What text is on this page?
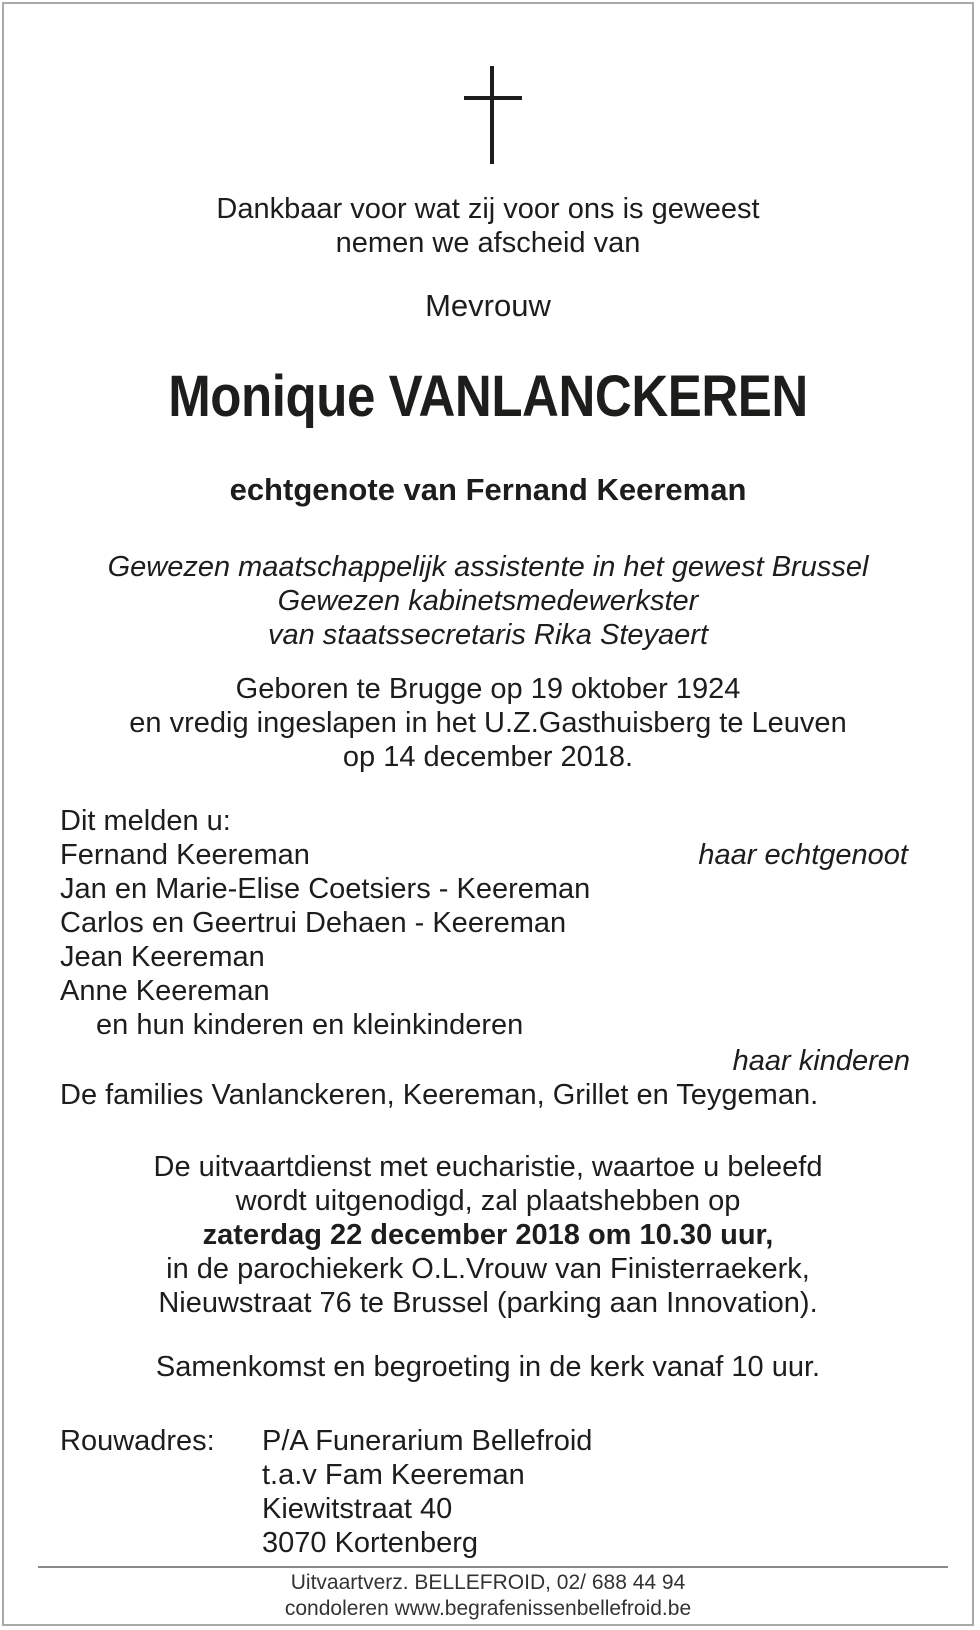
Dankbaar voor wat zij voor ons is geweest
nemen we afscheid van
Mevrouw
Monique VANLANCKEREN
echtgenote van Fernand Keereman
Gewezen maatschappelijk assistente in het gewest Brussel
Gewezen kabinetsmedewerkster
van staatssecretaris Rika Steyaert
Geboren te Brugge op 19 oktober 1924
en vredig ingeslapen in het U.Z.Gasthuisberg te Leuven
op 14 december 2018.
Dit melden u:
Fernand Keereman	haar echtgenoot
Jan en Marie-Elise Coetsiers - Keereman
Carlos en Geertrui Dehaen - Keereman
Jean Keereman
Anne Keereman
en hun kinderen en kleinkinderen
haar kinderen
De families Vanlanckeren, Keereman, Grillet en Teygeman.
De uitvaartdienst met eucharistie, waartoe u beleefd
wordt uitgenodigd, zal plaatshebben op
zaterdag 22 december 2018 om 10.30 uur,
in de parochiekerk O.L.Vrouw van Finisterraekerk,
Nieuwstraat 76 te Brussel (parking aan Innovation).
Samenkomst en begroeting in de kerk vanaf 10 uur.
Rouwadres: P/A Funerarium Bellefroid
t.a.v Fam Keereman
Kiewitstraat 40
3070 Kortenberg
Uitvaartverz. BELLEFROID, 02/ 688 44 94
condoleren www.begrafenissenbellefroid.be
